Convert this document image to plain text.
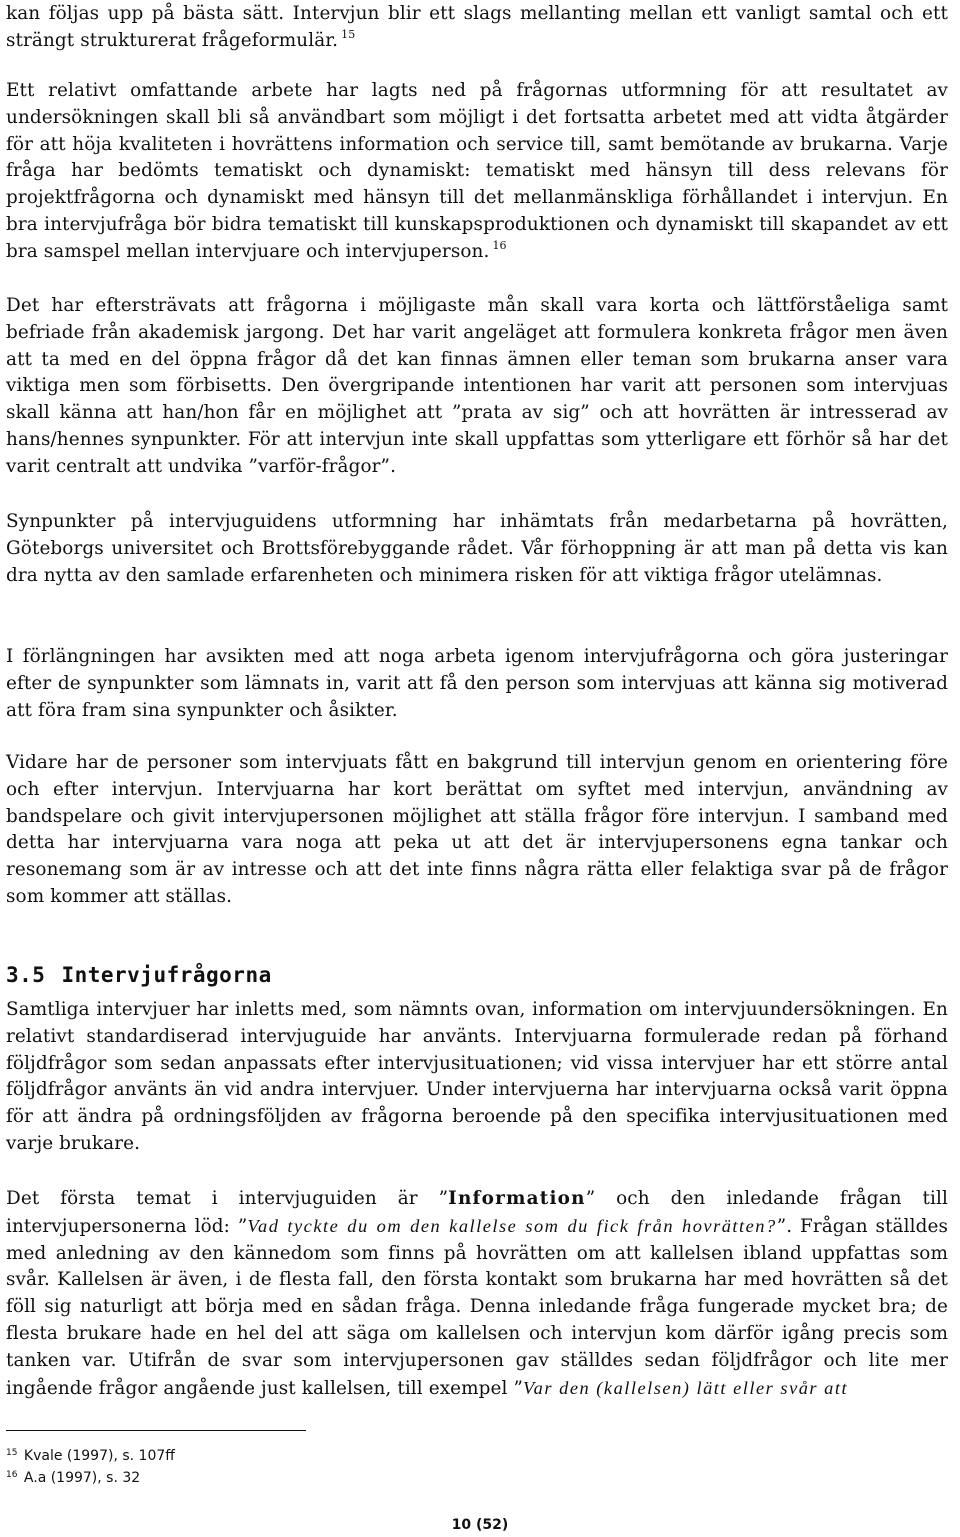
kan följas upp på bästa sätt. Intervjun blir ett slags mellanting mellan ett vanligt samtal och ett strängt strukturerat frågeformulär. $^{15}$

Ett relativt omfattande arbete har lagts ned på frågornas utformning för att resultatet av undersökningen skall bli så användbart som möjligt i det fortsatta arbetet med att vidta åtgärder för att höja kvaliteten i hovrättens information och service till, samt bemötande av brukarna. Varje fråga har bedömts tematiskt och dynamiskt: tematiskt med hänsyn till dess relevans för projektfrågorna och dynamiskt med hänsyn till det mellanmänskliga förhållandet i intervjun. En bra intervjufråga bör bidra tematiskt till kunskapsproduktionen och dynamiskt till skapandet av ett bra samspel mellan intervjuare och intervjuperson. $^{16}$

Det har eftersträvats att frågorna i möjligaste mån skall vara korta och lättförståeliga samt befriade från akademisk jargong. Det har varit angeläget att formulera konkreta frågor men även att ta med en del öppna frågor då det kan finnas ämnen eller teman som brukarna anser vara viktiga men som förbisetts. Den övergripande intentionen har varit att personen som intervjuas skall känna att han/hon får en möjlighet att ”prata av sig” och att hovrätten är intresserad av hans/hennes synpunkter. För att intervjun inte skall uppfattas som ytterligare ett förhör så har det varit centralt att undvika ”varför-frågor”.

Synpunkter på intervjuguidens utformning har inhämtats från medarbetarna på hovrätten, Göteborgs universitet och Brottsförebyggande rådet. Vår förhoppning är att man på detta vis kan dra nytta av den samlade erfarenheten och minimera risken för att viktiga frågor utelämnas.

I förlängningen har avsikten med att noga arbeta igenom intervjufrågorna och göra justeringar efter de synpunkter som lämnats in, varit att få den person som intervjuas att känna sig motiverad att föra fram sina synpunkter och åsikter.

Vidare har de personer som intervjuats fått en bakgrund till intervjun genom en orientering före och efter intervjun. Intervjuarna har kort berättat om syftet med intervjun, användning av bandspelare och givit intervjupersonen möjlighet att ställa frågor före intervjun. I samband med detta har intervjuarna vara noga att peka ut att det är intervjupersonens egna tankar och resonemang som är av intresse och att det inte finns några rätta eller felaktiga svar på de frågor som kommer att ställas.

3.5 Intervjufrågorna

Samtliga intervjuer har inletts med, som nämnts ovan, information om intervjuundersökningen. En relativt standardiserad intervjuguide har använts. Intervjuarna formulerade redan på förhand följdfrågor som sedan anpassats efter intervjusituationen; vid vissa intervjuer har ett större antal följdfrågor använts än vid andra intervjuer. Under intervjuerna har intervjuarna också varit öppna för att ändra på ordningsföljden av frågorna beroende på den specifika intervjusituationen med varje brukare.

Det första temat i intervjuguiden är ”Information” och den inledande frågan till intervjupersonerna löd: ”Vad tyckte du om den kallelse som du fick från hovrätten?”. Frågan ställdes med anledning av den kännedom som finns på hovrätten om att kallelsen ibland uppfattas som svår. Kallelsen är även, i de flesta fall, den första kontakt som brukarna har med hovrätten så det föll sig naturligt att börja med en sådan fråga. Denna inledande fråga fungerade mycket bra; de flesta brukare hade en hel del att säga om kallelsen och intervjun kom därför igång precis som tanken var. Utifrån de svar som intervjupersonen gav ställdes sedan följdfrågor och lite mer ingående frågor angående just kallelsen, till exempel ”Var den (kallelsen) lätt eller svår att

$^{15}$ Kvale (1997), s. 107ff
$^{16}$ A.a (1997), s. 32
10 (52)
